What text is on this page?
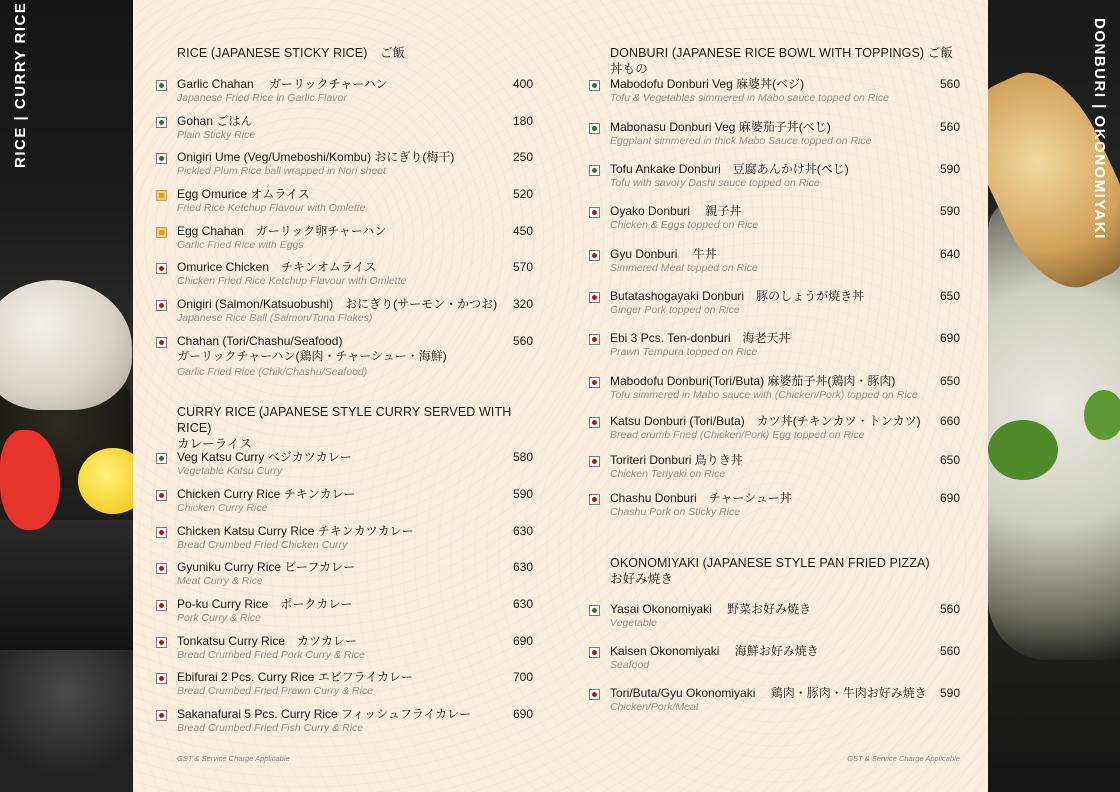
RICE | CURRY RICE	RICE (JAPANESE STICKY RICE)　ご飯
Garlic Chahan　 ガーリックチャーハン
Japanese Fried Rice in Garlic Flavor
400
Gohan ごはん
Plain Sticky Rice
180
Onigiri Ume (Veg/Umeboshi/Kombu) おにぎり(梅干)
Pickled Plum Rice ball wrapped in Nori sheet
250
Egg Omurice オムライス
Fried Rice Ketchup Flavour with Omlette
520
Egg Chahan　ガーリック卵チャーハン
Garlic Fried Rice with Eggs
450
Omurice Chicken　チキンオムライス
Chicken Fried Rice Ketchup Flavour with Omlette
570
Onigiri (Salmon/Katsuobushi)　おにぎり(サーモン・かつお)
Japanese Rice Ball (Salmon/Tuna Flakes)
320
Chahan (Tori/Chashu/Seafood)
ガーリックチャーハン(鶏肉・チャーシュー・海鮮)
Garlic Fried Rice (Chik/Chashu/Seafood)
560
CURRY RICE (JAPANESE STYLE CURRY SERVED WITH RICE)
カレーライス
Veg Katsu Curry ベジカツカレー
Vegetable Katsu Curry
580
Chicken Curry Rice チキンカレー
Chicken Curry Rice
590
Chicken Katsu Curry Rice チキンカツカレー
Bread Crumbed Fried Chicken Curry
630
Gyuniku Curry Rice ビーフカレー
Meat Curry & Rice
630
Po-ku Curry Rice　ポークカレー
Pork Curry & Rice
630
Tonkatsu Curry Rice　カツカレー
Bread Crumbed Fried Pork Curry & Rice
690
Ebifurai 2 Pcs. Curry Rice エビフライカレー
Bread Crumbed Fried Prawn Curry & Rice
700
Sakanafurai 5 Pcs. Curry Rice フィッシュフライカレー
Bread Crumbed Fried Fish Curry & Rice
690
GST & Service Charge Applicable
DONBURI (JAPANESE RICE BOWL WITH TOPPINGS) ご飯丼もの
Mabodofu Donburi Veg 麻婆丼(ベジ)
Tofu & Vegetables simmered in Mabo sauce topped on Rice
560
Mabonasu Donburi Veg 麻婆茄子丼(べじ)
Eggplant simmered in thick Mabo Sauce topped on Rice
560
Tofu Ankake Donburi　豆腐あんかけ丼(べじ)
Tofu with savory Dashi sauce topped on Rice
590
Oyako Donburi　 親子丼
Chicken & Eggs topped on Rice
590
Gyu Donburi　 牛丼
Simmered Meat topped on Rice
640
Butatashogayaki Donburi　豚のしょうが焼き丼
Ginger Pork topped on Rice
650
Ebi 3 Pcs. Ten-donburi　海老天丼
Prawn Tempura topped on Rice
690
Mabodofu Donburi(Tori/Buta) 麻婆茄子丼(鶏肉・豚肉)
Tofu simmered in Mabo sauce with (Chicken/Pork) topped on Rice
650
Katsu Donburi (Tori/Buta)　カツ丼(チキンカツ・トンカツ)
Bread crumb Fried (Chicken/Pork) Egg topped on Rice
660
Toriteri Donburi 鳥りき丼
Chicken Teriyaki on Rice
650
Chashu Donburi　チャーシュー丼
Chashu Pork on Sticky Rice
690
OKONOMIYAKI (JAPANESE STYLE PAN FRIED PIZZA)
お好み焼き
Yasai Okonomiyaki　 野菜お好み焼き
Vegetable
560
Kaisen Okonomiyaki　 海鮮お好み焼き
Seafood
560
Tori/Buta/Gyu Okonomiyaki　 鶏肉・豚肉・牛肉お好み焼き
Chicken/Pork/Meat
590
GST & Service Charge Applicable
DONBURI | OKONOMIYAKI
